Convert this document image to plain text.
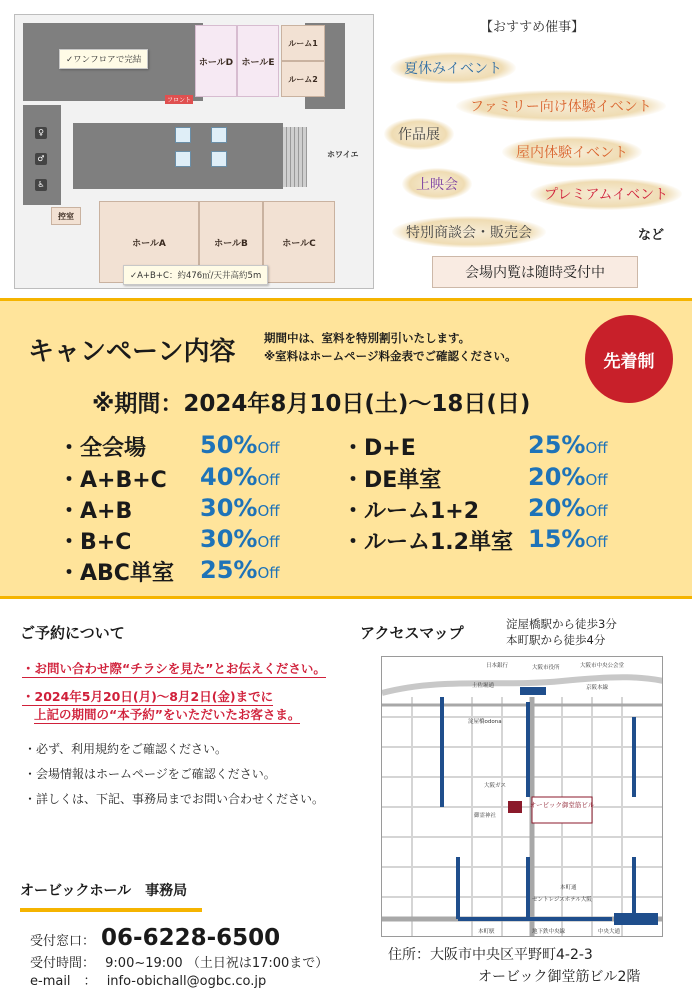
✓ワンフロアで完結	ホールD ホールE
ルーム1
ルーム2
フロント
ホワイエ
♀
♂
♿
控室
ホールA	ホールB	ホールC
✓A+B+C：約476㎡/天井高約5m
【おすすめ催事】
夏休みイベント
ファミリー向け体験イベント
作品展
屋内体験イベント
上映会
プレミアムイベント
特別商談会・販売会	など
会場内覧は随時受付中
キャンペーン内容 期間中は、室料を特別割引いたします。
※室料はホームページ料金表でご確認ください。	先着制
※期間：2024年8月10日(土)～18日(日)
・全会場 50%Off
・A+B+C 40%Off
・A+B	30%Off
・B+C	30%Off
・ABC単室 25%Off
・D+E	25%Off
・DE単室	20%Off
・ルーム1+2 20%Off
・ルーム1.2単室 15%Off
ご予約について
・お問い合わせ際“チラシを見た”とお伝えください。
・2024年5月20日(月)～8月2日(金)までに
上記の期間の“本予約”をいただいたお客さま。
・必ず、利用規約をご確認ください。
・会場情報はホームページをご確認ください。
・詳しくは、下記、事務局までお問い合わせください。
オービックホール　事務局
受付窓口： 06-6228-6500
受付時間： 9:00~19:00 （土日祝は17:00まで）
e-mail　： info-obichall@ogbc.co.jp
アクセスマップ	淀屋橋駅から徒歩3分
本町駅から徒歩4分
オービック御堂筋ビル
日本銀行	大阪市役所	大阪市中央公会堂
土佐堀通	京阪本線
淀屋橋odona
大阪ガス
御霊神社
セントレジスホテル大阪
本町通
中央大通
地下鉄中央線
本町駅
住所：大阪市中央区平野町4-2-3
オービック御堂筋ビル2階
